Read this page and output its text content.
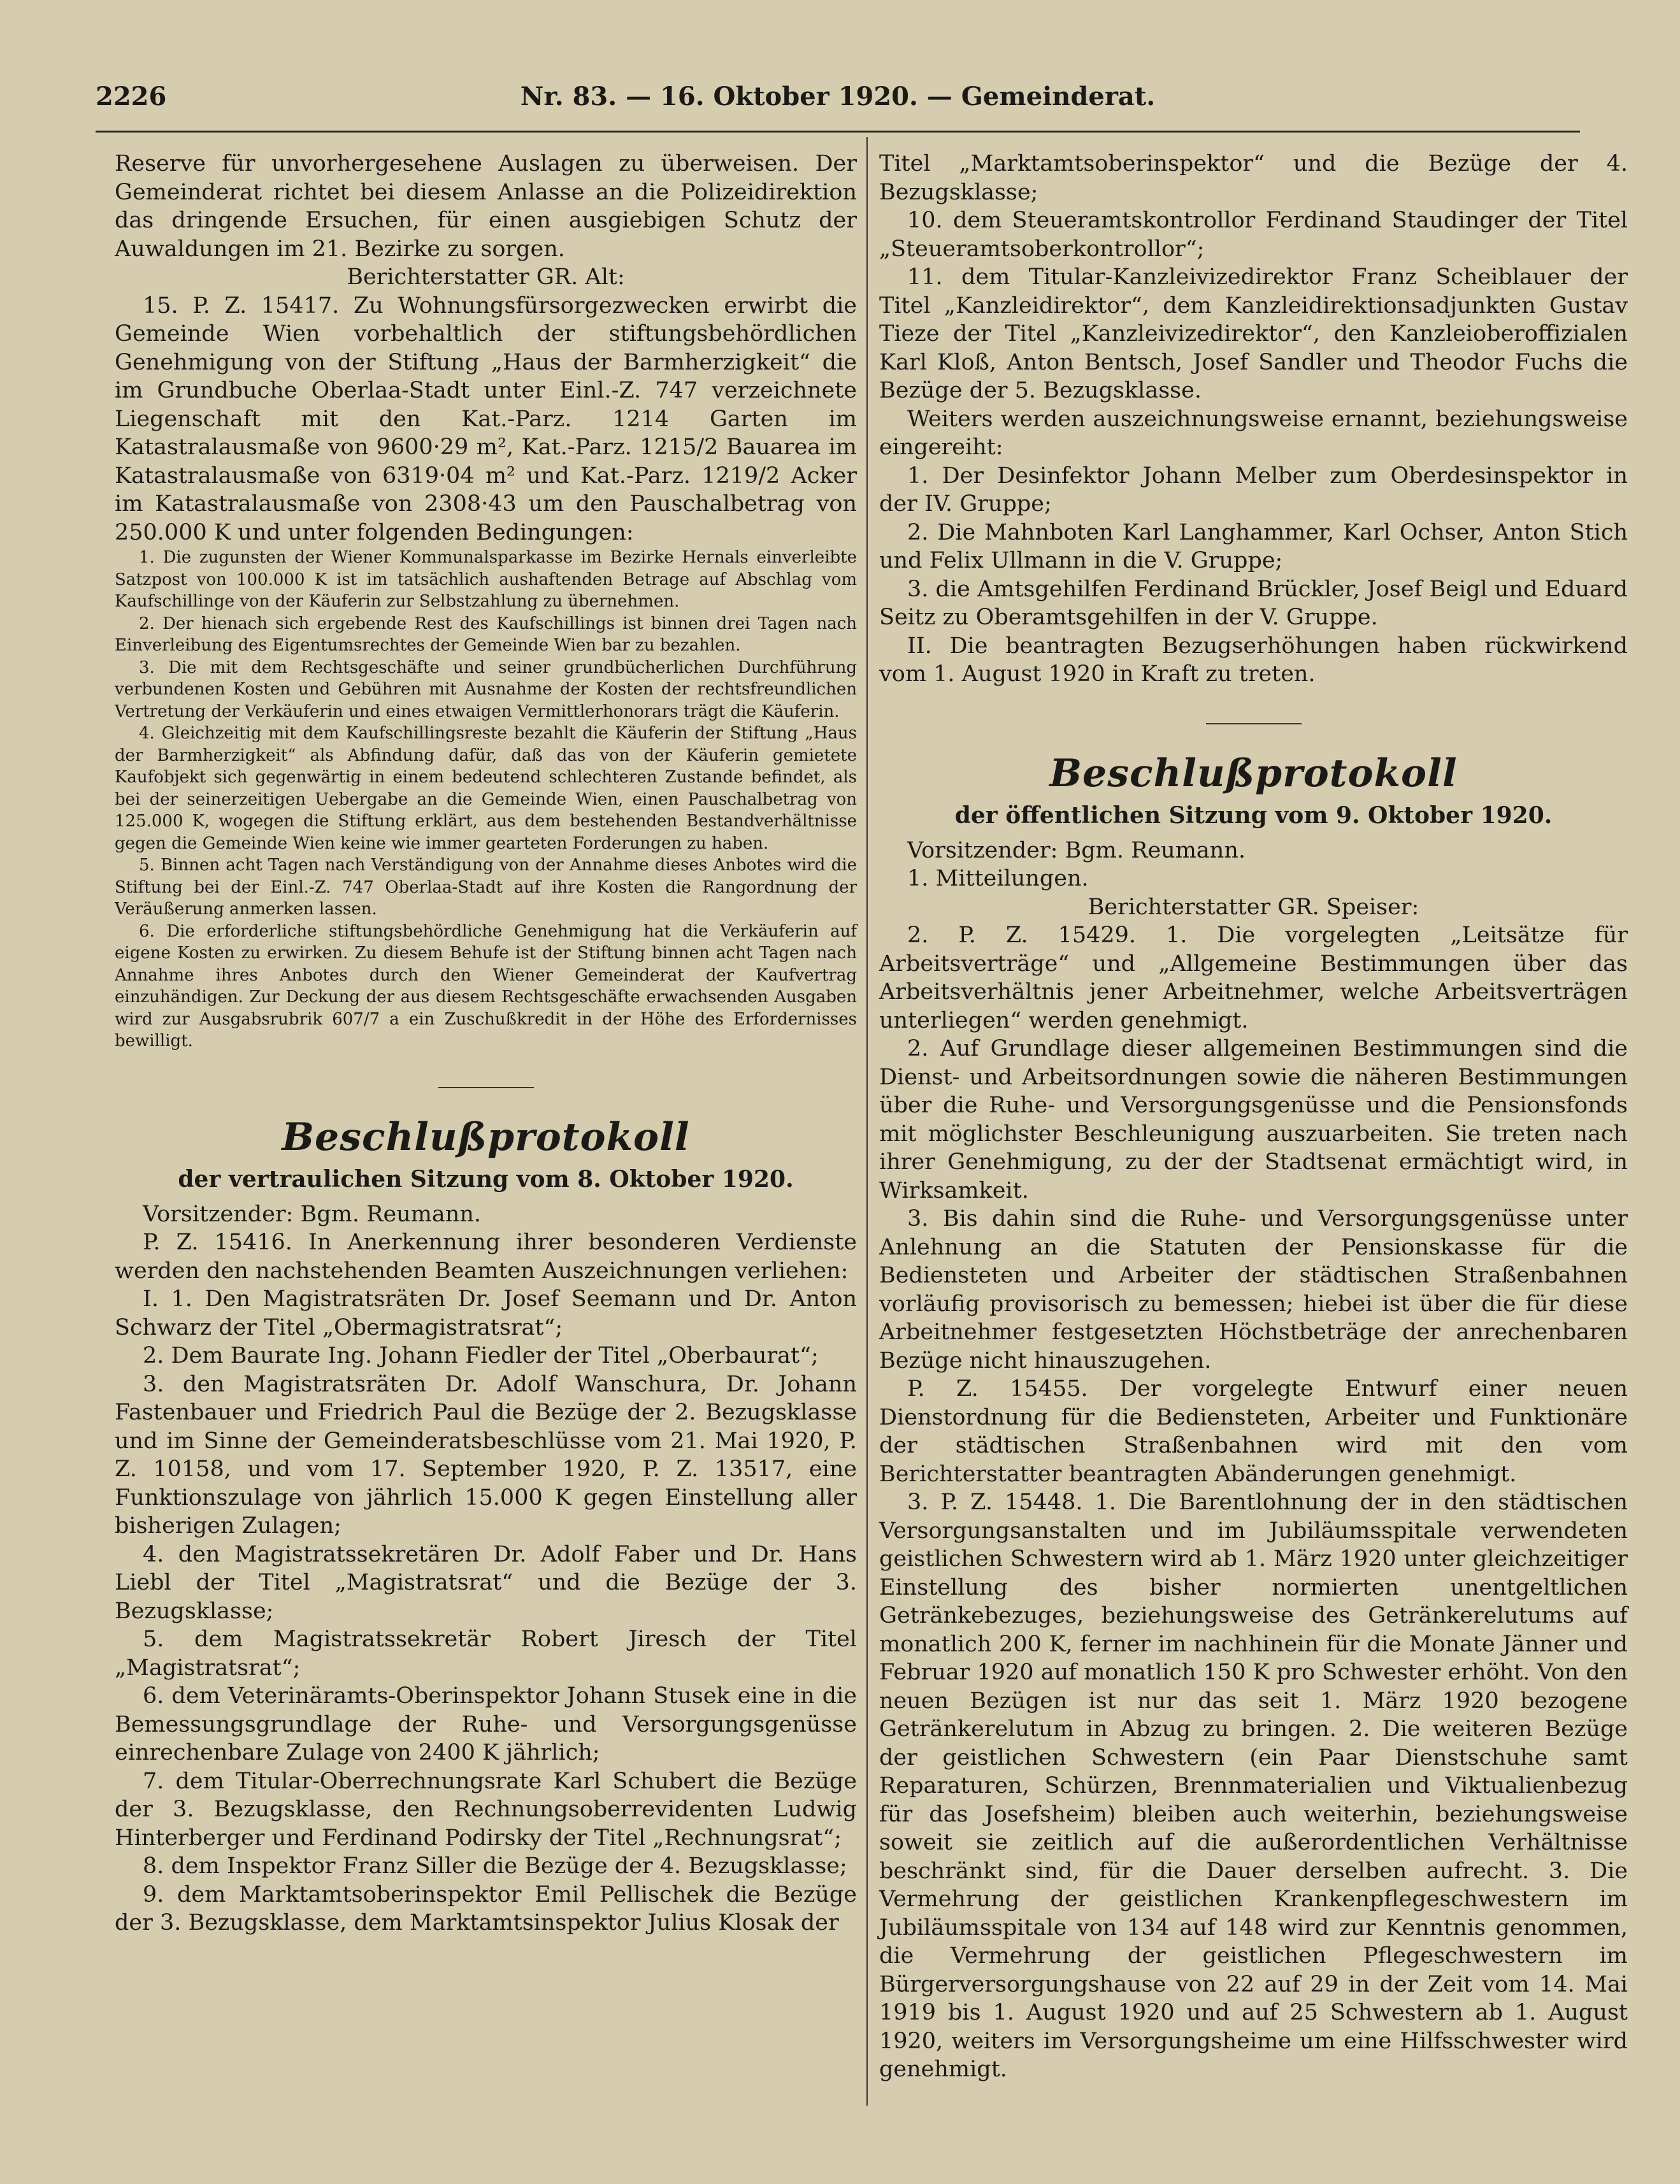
2226	Nr. 83. — 16. Oktober 1920. — Gemeinderat.

Reserve für unvorhergesehene Auslagen zu überweisen. Der Gemeinderat richtet bei diesem Anlasse an die Polizeidirektion das dringende Ersuchen, für einen ausgiebigen Schutz der Auwaldungen im 21. Bezirke zu sorgen.

Berichterstatter GR. Alt:

15. P. Z. 15417. Zu Wohnungsfürsorgezwecken erwirbt die Gemeinde Wien vorbehaltlich der stiftungsbehördlichen Genehmigung von der Stiftung „Haus der Barmherzigkeit“ die im Grundbuche Oberlaa-Stadt unter Einl.-Z. 747 verzeichnete Liegenschaft mit den Kat.-Parz. 1214 Garten im Katastralausmaße von 9600·29 m², Kat.-Parz. 1215/2 Bauarea im Katastralausmaße von 6319·04 m² und Kat.-Parz. 1219/2 Acker im Katastralausmaße von 2308·43 um den Pauschalbetrag von 250.000 K und unter folgenden Bedingungen:

1. Die zugunsten der Wiener Kommunalsparkasse im Bezirke Hernals einverleibte Satzpost von 100.000 K ist im tatsächlich aushaftenden Betrage auf Abschlag vom Kaufschillinge von der Käuferin zur Selbstzahlung zu übernehmen.

2. Der hienach sich ergebende Rest des Kaufschillings ist binnen drei Tagen nach Einverleibung des Eigentumsrechtes der Gemeinde Wien bar zu bezahlen.

3. Die mit dem Rechtsgeschäfte und seiner grundbücherlichen Durchführung verbundenen Kosten und Gebühren mit Ausnahme der Kosten der rechtsfreundlichen Vertretung der Verkäuferin und eines etwaigen Vermittlerhonorars trägt die Käuferin.

4. Gleichzeitig mit dem Kaufschillingsreste bezahlt die Käuferin der Stiftung „Haus der Barmherzigkeit“ als Abfindung dafür, daß das von der Käuferin gemietete Kaufobjekt sich gegenwärtig in einem bedeutend schlechteren Zustande befindet, als bei der seinerzeitigen Uebergabe an die Gemeinde Wien, einen Pauschalbetrag von 125.000 K, wogegen die Stiftung erklärt, aus dem bestehenden Bestandverhältnisse gegen die Gemeinde Wien keine wie immer gearteten Forderungen zu haben.

5. Binnen acht Tagen nach Verständigung von der Annahme dieses Anbotes wird die Stiftung bei der Einl.-Z. 747 Oberlaa-Stadt auf ihre Kosten die Rangordnung der Veräußerung anmerken lassen.

6. Die erforderliche stiftungsbehördliche Genehmigung hat die Verkäuferin auf eigene Kosten zu erwirken. Zu diesem Behufe ist der Stiftung binnen acht Tagen nach Annahme ihres Anbotes durch den Wiener Gemeinderat der Kaufvertrag einzuhändigen. Zur Deckung der aus diesem Rechtsgeschäfte erwachsenden Ausgaben wird zur Ausgabsrubrik 607/7 a ein Zuschußkredit in der Höhe des Erfordernisses bewilligt.

Beschlußprotokoll
der vertraulichen Sitzung vom 8. Oktober 1920.

Vorsitzender: Bgm. Reumann.

P. Z. 15416. In Anerkennung ihrer besonderen Verdienste werden den nachstehenden Beamten Auszeichnungen verliehen:

I. 1. Den Magistratsräten Dr. Josef Seemann und Dr. Anton Schwarz der Titel „Obermagistratsrat“;

2. Dem Baurate Ing. Johann Fiedler der Titel „Oberbaurat“;

3. den Magistratsräten Dr. Adolf Wanschura, Dr. Johann Fastenbauer und Friedrich Paul die Bezüge der 2. Bezugsklasse und im Sinne der Gemeinderatsbeschlüsse vom 21. Mai 1920, P. Z. 10158, und vom 17. September 1920, P. Z. 13517, eine Funktionszulage von jährlich 15.000 K gegen Einstellung aller bisherigen Zulagen;

4. den Magistratssekretären Dr. Adolf Faber und Dr. Hans Liebl der Titel „Magistratsrat“ und die Bezüge der 3. Bezugsklasse;

5. dem Magistratssekretär Robert Jiresch der Titel „Magistratsrat“;

6. dem Veterinäramts-Oberinspektor Johann Stusek eine in die Bemessungsgrundlage der Ruhe- und Versorgungsgenüsse einrechenbare Zulage von 2400 K jährlich;

7. dem Titular-Oberrechnungsrate Karl Schubert die Bezüge der 3. Bezugsklasse, den Rechnungsoberrevidenten Ludwig Hinterberger und Ferdinand Podirsky der Titel „Rechnungsrat“;

8. dem Inspektor Franz Siller die Bezüge der 4. Bezugsklasse;

9. dem Marktamtsoberinspektor Emil Pellischek die Bezüge der 3. Bezugsklasse, dem Marktamtsinspektor Julius Klosak der

Titel „Marktamtsoberinspektor“ und die Bezüge der 4. Bezugsklasse;

10. dem Steueramtskontrollor Ferdinand Staudinger der Titel „Steueramtsoberkontrollor“;

11. dem Titular-Kanzleivizedirektor Franz Scheiblauer der Titel „Kanzleidirektor“, dem Kanzleidirektionsadjunkten Gustav Tieze der Titel „Kanzleivizedirektor“, den Kanzleioberoffizialen Karl Kloß, Anton Bentsch, Josef Sandler und Theodor Fuchs die Bezüge der 5. Bezugsklasse.

Weiters werden auszeichnungsweise ernannt, beziehungsweise eingereiht:

1. Der Desinfektor Johann Melber zum Oberdesinspektor in der IV. Gruppe;

2. Die Mahnboten Karl Langhammer, Karl Ochser, Anton Stich und Felix Ullmann in die V. Gruppe;

3. die Amtsgehilfen Ferdinand Brückler, Josef Beigl und Eduard Seitz zu Oberamtsgehilfen in der V. Gruppe.

II. Die beantragten Bezugserhöhungen haben rückwirkend vom 1. August 1920 in Kraft zu treten.

Beschlußprotokoll
der öffentlichen Sitzung vom 9. Oktober 1920.

Vorsitzender: Bgm. Reumann.

1. Mitteilungen.

Berichterstatter GR. Speiser:

2. P. Z. 15429. 1. Die vorgelegten „Leitsätze für Arbeitsverträge“ und „Allgemeine Bestimmungen über das Arbeitsverhältnis jener Arbeitnehmer, welche Arbeitsverträgen unterliegen“ werden genehmigt.

2. Auf Grundlage dieser allgemeinen Bestimmungen sind die Dienst- und Arbeitsordnungen sowie die näheren Bestimmungen über die Ruhe- und Versorgungsgenüsse und die Pensionsfonds mit möglichster Beschleunigung auszuarbeiten. Sie treten nach ihrer Genehmigung, zu der der Stadtsenat ermächtigt wird, in Wirksamkeit.

3. Bis dahin sind die Ruhe- und Versorgungsgenüsse unter Anlehnung an die Statuten der Pensionskasse für die Bediensteten und Arbeiter der städtischen Straßenbahnen vorläufig provisorisch zu bemessen; hiebei ist über die für diese Arbeitnehmer festgesetzten Höchstbeträge der anrechenbaren Bezüge nicht hinauszugehen.

P. Z. 15455. Der vorgelegte Entwurf einer neuen Dienstordnung für die Bediensteten, Arbeiter und Funktionäre der städtischen Straßenbahnen wird mit den vom Berichterstatter beantragten Abänderungen genehmigt.

3. P. Z. 15448. 1. Die Barentlohnung der in den städtischen Versorgungsanstalten und im Jubiläumsspitale verwendeten geistlichen Schwestern wird ab 1. März 1920 unter gleichzeitiger Einstellung des bisher normierten unentgeltlichen Getränkebezuges, beziehungsweise des Getränkerelutums auf monatlich 200 K, ferner im nachhinein für die Monate Jänner und Februar 1920 auf monatlich 150 K pro Schwester erhöht. Von den neuen Bezügen ist nur das seit 1. März 1920 bezogene Getränkerelutum in Abzug zu bringen. 2. Die weiteren Bezüge der geistlichen Schwestern (ein Paar Dienstschuhe samt Reparaturen, Schürzen, Brennmaterialien und Viktualienbezug für das Josefsheim) bleiben auch weiterhin, beziehungsweise soweit sie zeitlich auf die außerordentlichen Verhältnisse beschränkt sind, für die Dauer derselben aufrecht. 3. Die Vermehrung der geistlichen Krankenpflegeschwestern im Jubiläumsspitale von 134 auf 148 wird zur Kenntnis genommen, die Vermehrung der geistlichen Pflegeschwestern im Bürgerversorgungshause von 22 auf 29 in der Zeit vom 14. Mai 1919 bis 1. August 1920 und auf 25 Schwestern ab 1. August 1920, weiters im Versorgungsheime um eine Hilfsschwester wird genehmigt.
